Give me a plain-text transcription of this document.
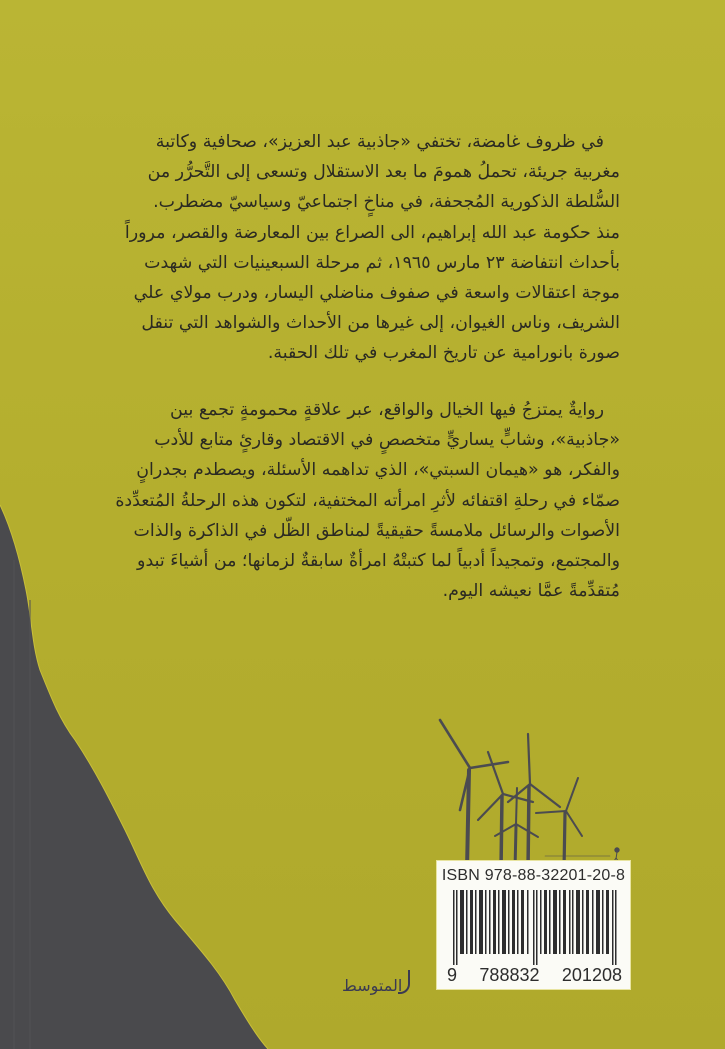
في ظروف غامضة، تختفي «جاذبية عبد العزيز»، صحافية وكاتبة
مغربية جريئة، تحملُ همومَ ما بعد الاستقلال وتسعى إلى التَّحرُّر من
السُّلطة الذكورية المُجحفة، في مناخٍ اجتماعيّ وسياسيّ مضطرب.
منذ حكومة عبد الله إبراهيم، الى الصراع بين المعارضة والقصر، مروراً
بأحداث انتفاضة ٢٣ مارس ١٩٦٥، ثم مرحلة السبعينيات التي شهدت
موجة اعتقالات واسعة في صفوف مناضلي اليسار، ودرب مولاي علي
الشريف، وناس الغيوان، إلى غيرها من الأحداث والشواهد التي تنقل
صورة بانورامية عن تاريخ المغرب في تلك الحقبة.
روايةٌ يمتزجُ فيها الخيال والواقع، عبر علاقةٍ محمومةٍ تجمع بين
«جاذبية»، وشابٍّ يساريٍّ متخصصٍ في الاقتصاد وقارئٍ متابع للأدب
والفكر، هو «هيمان السبتي»، الذي تداهمه الأسئلة، ويصطدم بجدرانٍ
صمّاء في رحلةِ اقتفائه لأثرِ امرأته المختفية، لتكون هذه الرحلةُ المُتعدِّدة
الأصوات والرسائل ملامسةً حقيقيةً لمناطق الظّل في الذاكرة والذات
والمجتمع، وتمجيداً أدبياً لما كتبتْهُ امرأةٌ سابقةٌ لزمانها؛ من أشياءَ تبدو
مُتقدِّمةً عمَّا نعيشه اليوم.
ISBN 978-88-32201-20-8
9 788832 201208
المتوسط
